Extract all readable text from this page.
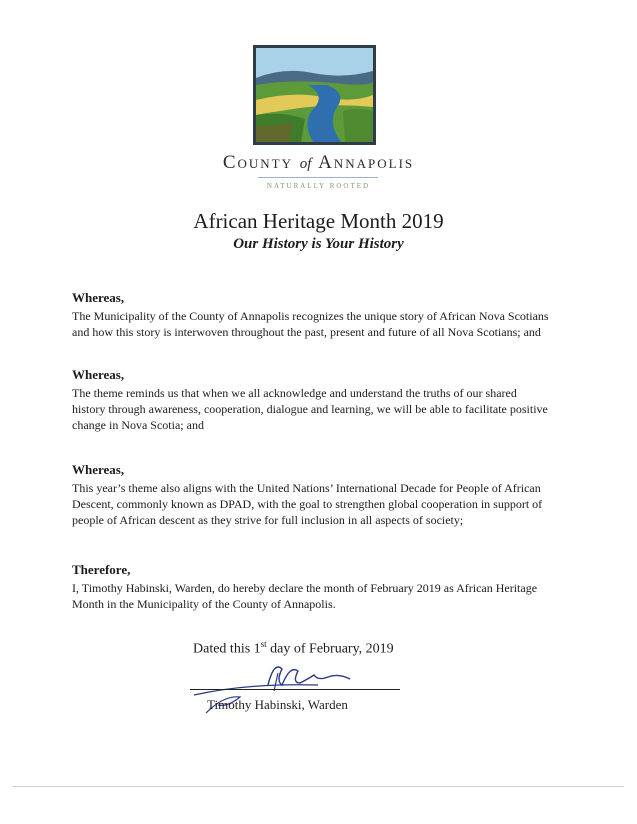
County of Annapolis
NATURALLY ROOTED
African Heritage Month 2019
Our History is Your History
Whereas,

The Municipality of the County of Annapolis recognizes the unique story of African Nova Scotians

and how this story is interwoven throughout the past, present and future of all Nova Scotians; and

Whereas,

The theme reminds us that when we all acknowledge and understand the truths of our shared

history through awareness, cooperation, dialogue and learning, we will be able to facilitate positive

change in Nova Scotia; and

Whereas,

This year’s theme also aligns with the United Nations’ International Decade for People of African

Descent, commonly known as DPAD, with the goal to strengthen global cooperation in support of

people of African descent as they strive for full inclusion in all aspects of society;

Therefore,

I, Timothy Habinski, Warden, do hereby declare the month of February 2019 as African Heritage

Month in the Municipality of the County of Annapolis.

Dated this 1st day of February, 2019
Timothy Habinski, Warden
